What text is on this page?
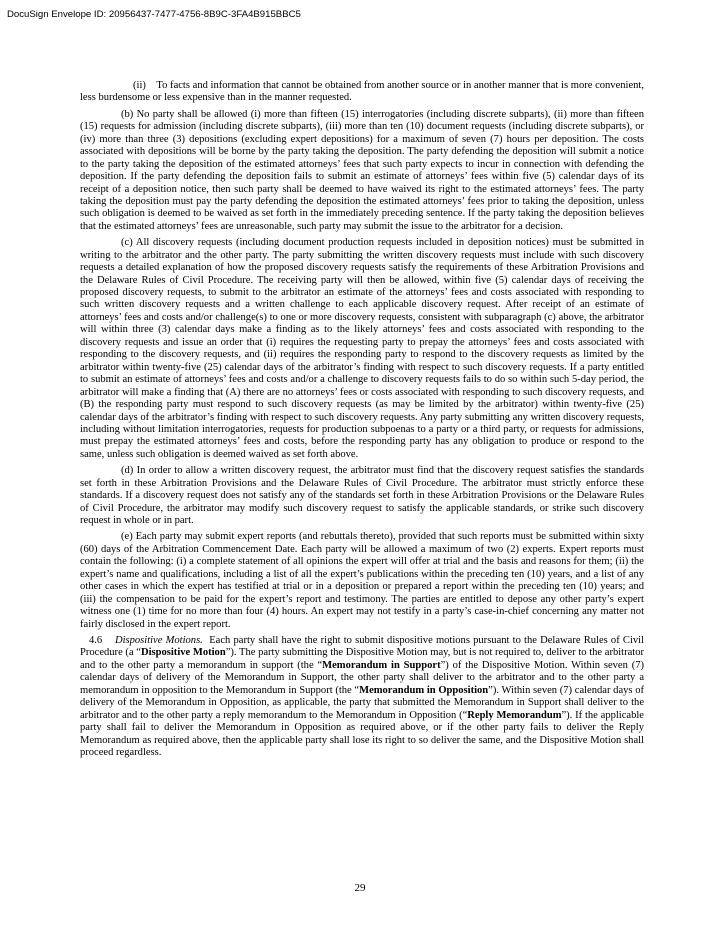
DocuSign Envelope ID: 20956437-7477-4756-8B9C-3FA4B915BBC5

(ii)    To facts and information that cannot be obtained from another source or in another manner that is more convenient, less burdensome or less expensive than in the manner requested.

(b) No party shall be allowed (i) more than fifteen (15) interrogatories (including discrete subparts), (ii) more than fifteen (15) requests for admission (including discrete subparts), (iii) more than ten (10) document requests (including discrete subparts), or (iv) more than three (3) depositions (excluding expert depositions) for a maximum of seven (7) hours per deposition. The costs associated with depositions will be borne by the party taking the deposition. The party defending the deposition will submit a notice to the party taking the deposition of the estimated attorneys’ fees that such party expects to incur in connection with defending the deposition. If the party defending the deposition fails to submit an estimate of attorneys’ fees within five (5) calendar days of its receipt of a deposition notice, then such party shall be deemed to have waived its right to the estimated attorneys’ fees. The party taking the deposition must pay the party defending the deposition the estimated attorneys’ fees prior to taking the deposition, unless such obligation is deemed to be waived as set forth in the immediately preceding sentence. If the party taking the deposition believes that the estimated attorneys’ fees are unreasonable, such party may submit the issue to the arbitrator for a decision.

(c) All discovery requests (including document production requests included in deposition notices) must be submitted in writing to the arbitrator and the other party. The party submitting the written discovery requests must include with such discovery requests a detailed explanation of how the proposed discovery requests satisfy the requirements of these Arbitration Provisions and the Delaware Rules of Civil Procedure. The receiving party will then be allowed, within five (5) calendar days of receiving the proposed discovery requests, to submit to the arbitrator an estimate of the attorneys’ fees and costs associated with responding to such written discovery requests and a written challenge to each applicable discovery request. After receipt of an estimate of attorneys’ fees and costs and/or challenge(s) to one or more discovery requests, consistent with subparagraph (c) above, the arbitrator will within three (3) calendar days make a finding as to the likely attorneys’ fees and costs associated with responding to the discovery requests and issue an order that (i) requires the requesting party to prepay the attorneys’ fees and costs associated with responding to the discovery requests, and (ii) requires the responding party to respond to the discovery requests as limited by the arbitrator within twenty-five (25) calendar days of the arbitrator’s finding with respect to such discovery requests. If a party entitled to submit an estimate of attorneys’ fees and costs and/or a challenge to discovery requests fails to do so within such 5-day period, the arbitrator will make a finding that (A) there are no attorneys’ fees or costs associated with responding to such discovery requests, and (B) the responding party must respond to such discovery requests (as may be limited by the arbitrator) within twenty-five (25) calendar days of the arbitrator’s finding with respect to such discovery requests. Any party submitting any written discovery requests, including without limitation interrogatories, requests for production subpoenas to a party or a third party, or requests for admissions, must prepay the estimated attorneys’ fees and costs, before the responding party has any obligation to produce or respond to the same, unless such obligation is deemed waived as set forth above.

(d) In order to allow a written discovery request, the arbitrator must find that the discovery request satisfies the standards set forth in these Arbitration Provisions and the Delaware Rules of Civil Procedure. The arbitrator must strictly enforce these standards. If a discovery request does not satisfy any of the standards set forth in these Arbitration Provisions or the Delaware Rules of Civil Procedure, the arbitrator may modify such discovery request to satisfy the applicable standards, or strike such discovery request in whole or in part.

(e) Each party may submit expert reports (and rebuttals thereto), provided that such reports must be submitted within sixty (60) days of the Arbitration Commencement Date. Each party will be allowed a maximum of two (2) experts. Expert reports must contain the following: (i) a complete statement of all opinions the expert will offer at trial and the basis and reasons for them; (ii) the expert’s name and qualifications, including a list of all the expert’s publications within the preceding ten (10) years, and a list of any other cases in which the expert has testified at trial or in a deposition or prepared a report within the preceding ten (10) years; and (iii) the compensation to be paid for the expert’s report and testimony. The parties are entitled to depose any other party’s expert witness one (1) time for no more than four (4) hours. An expert may not testify in a party’s case-in-chief concerning any matter not fairly disclosed in the expert report.

4.6 Dispositive Motions. Each party shall have the right to submit dispositive motions pursuant to the Delaware Rules of Civil Procedure (a “Dispositive Motion”). The party submitting the Dispositive Motion may, but is not required to, deliver to the arbitrator and to the other party a memorandum in support (the “Memorandum in Support”) of the Dispositive Motion. Within seven (7) calendar days of delivery of the Memorandum in Support, the other party shall deliver to the arbitrator and to the other party a memorandum in opposition to the Memorandum in Support (the “Memorandum in Opposition”). Within seven (7) calendar days of delivery of the Memorandum in Opposition, as applicable, the party that submitted the Memorandum in Support shall deliver to the arbitrator and to the other party a reply memorandum to the Memorandum in Opposition (“Reply Memorandum”). If the applicable party shall fail to deliver the Memorandum in Opposition as required above, or if the other party fails to deliver the Reply Memorandum as required above, then the applicable party shall lose its right to so deliver the same, and the Dispositive Motion shall proceed regardless.

29
